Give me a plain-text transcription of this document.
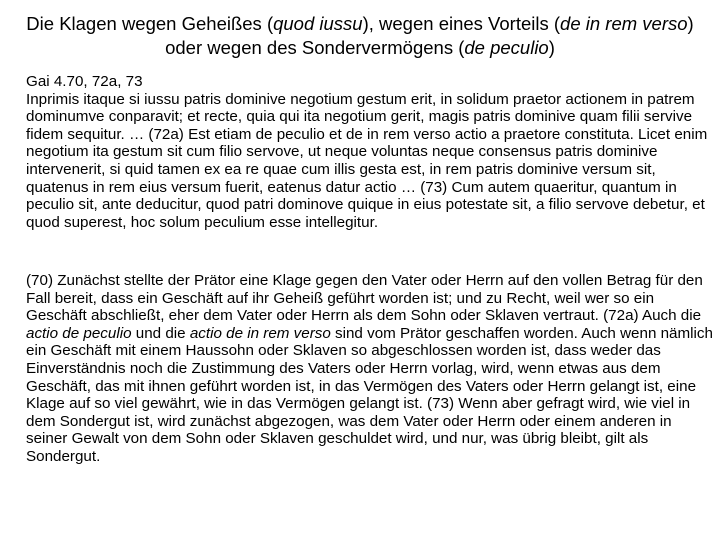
Die Klagen wegen Geheißes (quod iussu), wegen eines Vorteils (de in rem verso) oder wegen des Sondervermögens (de peculio)

Gai 4.70, 72a, 73
Inprimis itaque si iussu patris dominive negotium gestum erit, in solidum praetor actionem in patrem dominumve conparavit; et recte, quia qui ita negotium gerit, magis patris dominive quam filii servive fidem sequitur. … (72a) Est etiam de peculio et de in rem verso actio a praetore constituta. Licet enim negotium ita gestum sit cum filio servove, ut neque voluntas neque consensus patris dominive intervenerit, si quid tamen ex ea re quae cum illis gesta est, in rem patris dominive versum sit, quatenus in rem eius versum fuerit, eatenus datur actio … (73) Cum autem quaeritur, quantum in peculio sit, ante deducitur, quod patri dominove quique in eius potestate sit, a filio servove debetur, et quod superest, hoc solum peculium esse intellegitur.

(70) Zunächst stellte der Prätor eine Klage gegen den Vater oder Herrn auf den vollen Betrag für den Fall bereit, dass ein Geschäft auf ihr Geheiß geführt worden ist; und zu Recht, weil wer so ein Geschäft abschließt, eher dem Vater oder Herrn als dem Sohn oder Sklaven vertraut. (72a) Auch die actio de peculio und die actio de in rem verso sind vom Prätor geschaffen worden. Auch wenn nämlich ein Geschäft mit einem Haussohn oder Sklaven so abgeschlossen worden ist, dass weder das Einverständnis noch die Zustimmung des Vaters oder Herrn vorlag, wird, wenn etwas aus dem Geschäft, das mit ihnen geführt worden ist, in das Vermögen des Vaters oder Herrn gelangt ist, eine Klage auf so viel gewährt, wie in das Vermögen gelangt ist. (73) Wenn aber gefragt wird, wie viel in dem Sondergut ist, wird zunächst abgezogen, was dem Vater oder Herrn oder einem anderen in seiner Gewalt von dem Sohn oder Sklaven geschuldet wird, und nur, was übrig bleibt, gilt als Sondergut.
